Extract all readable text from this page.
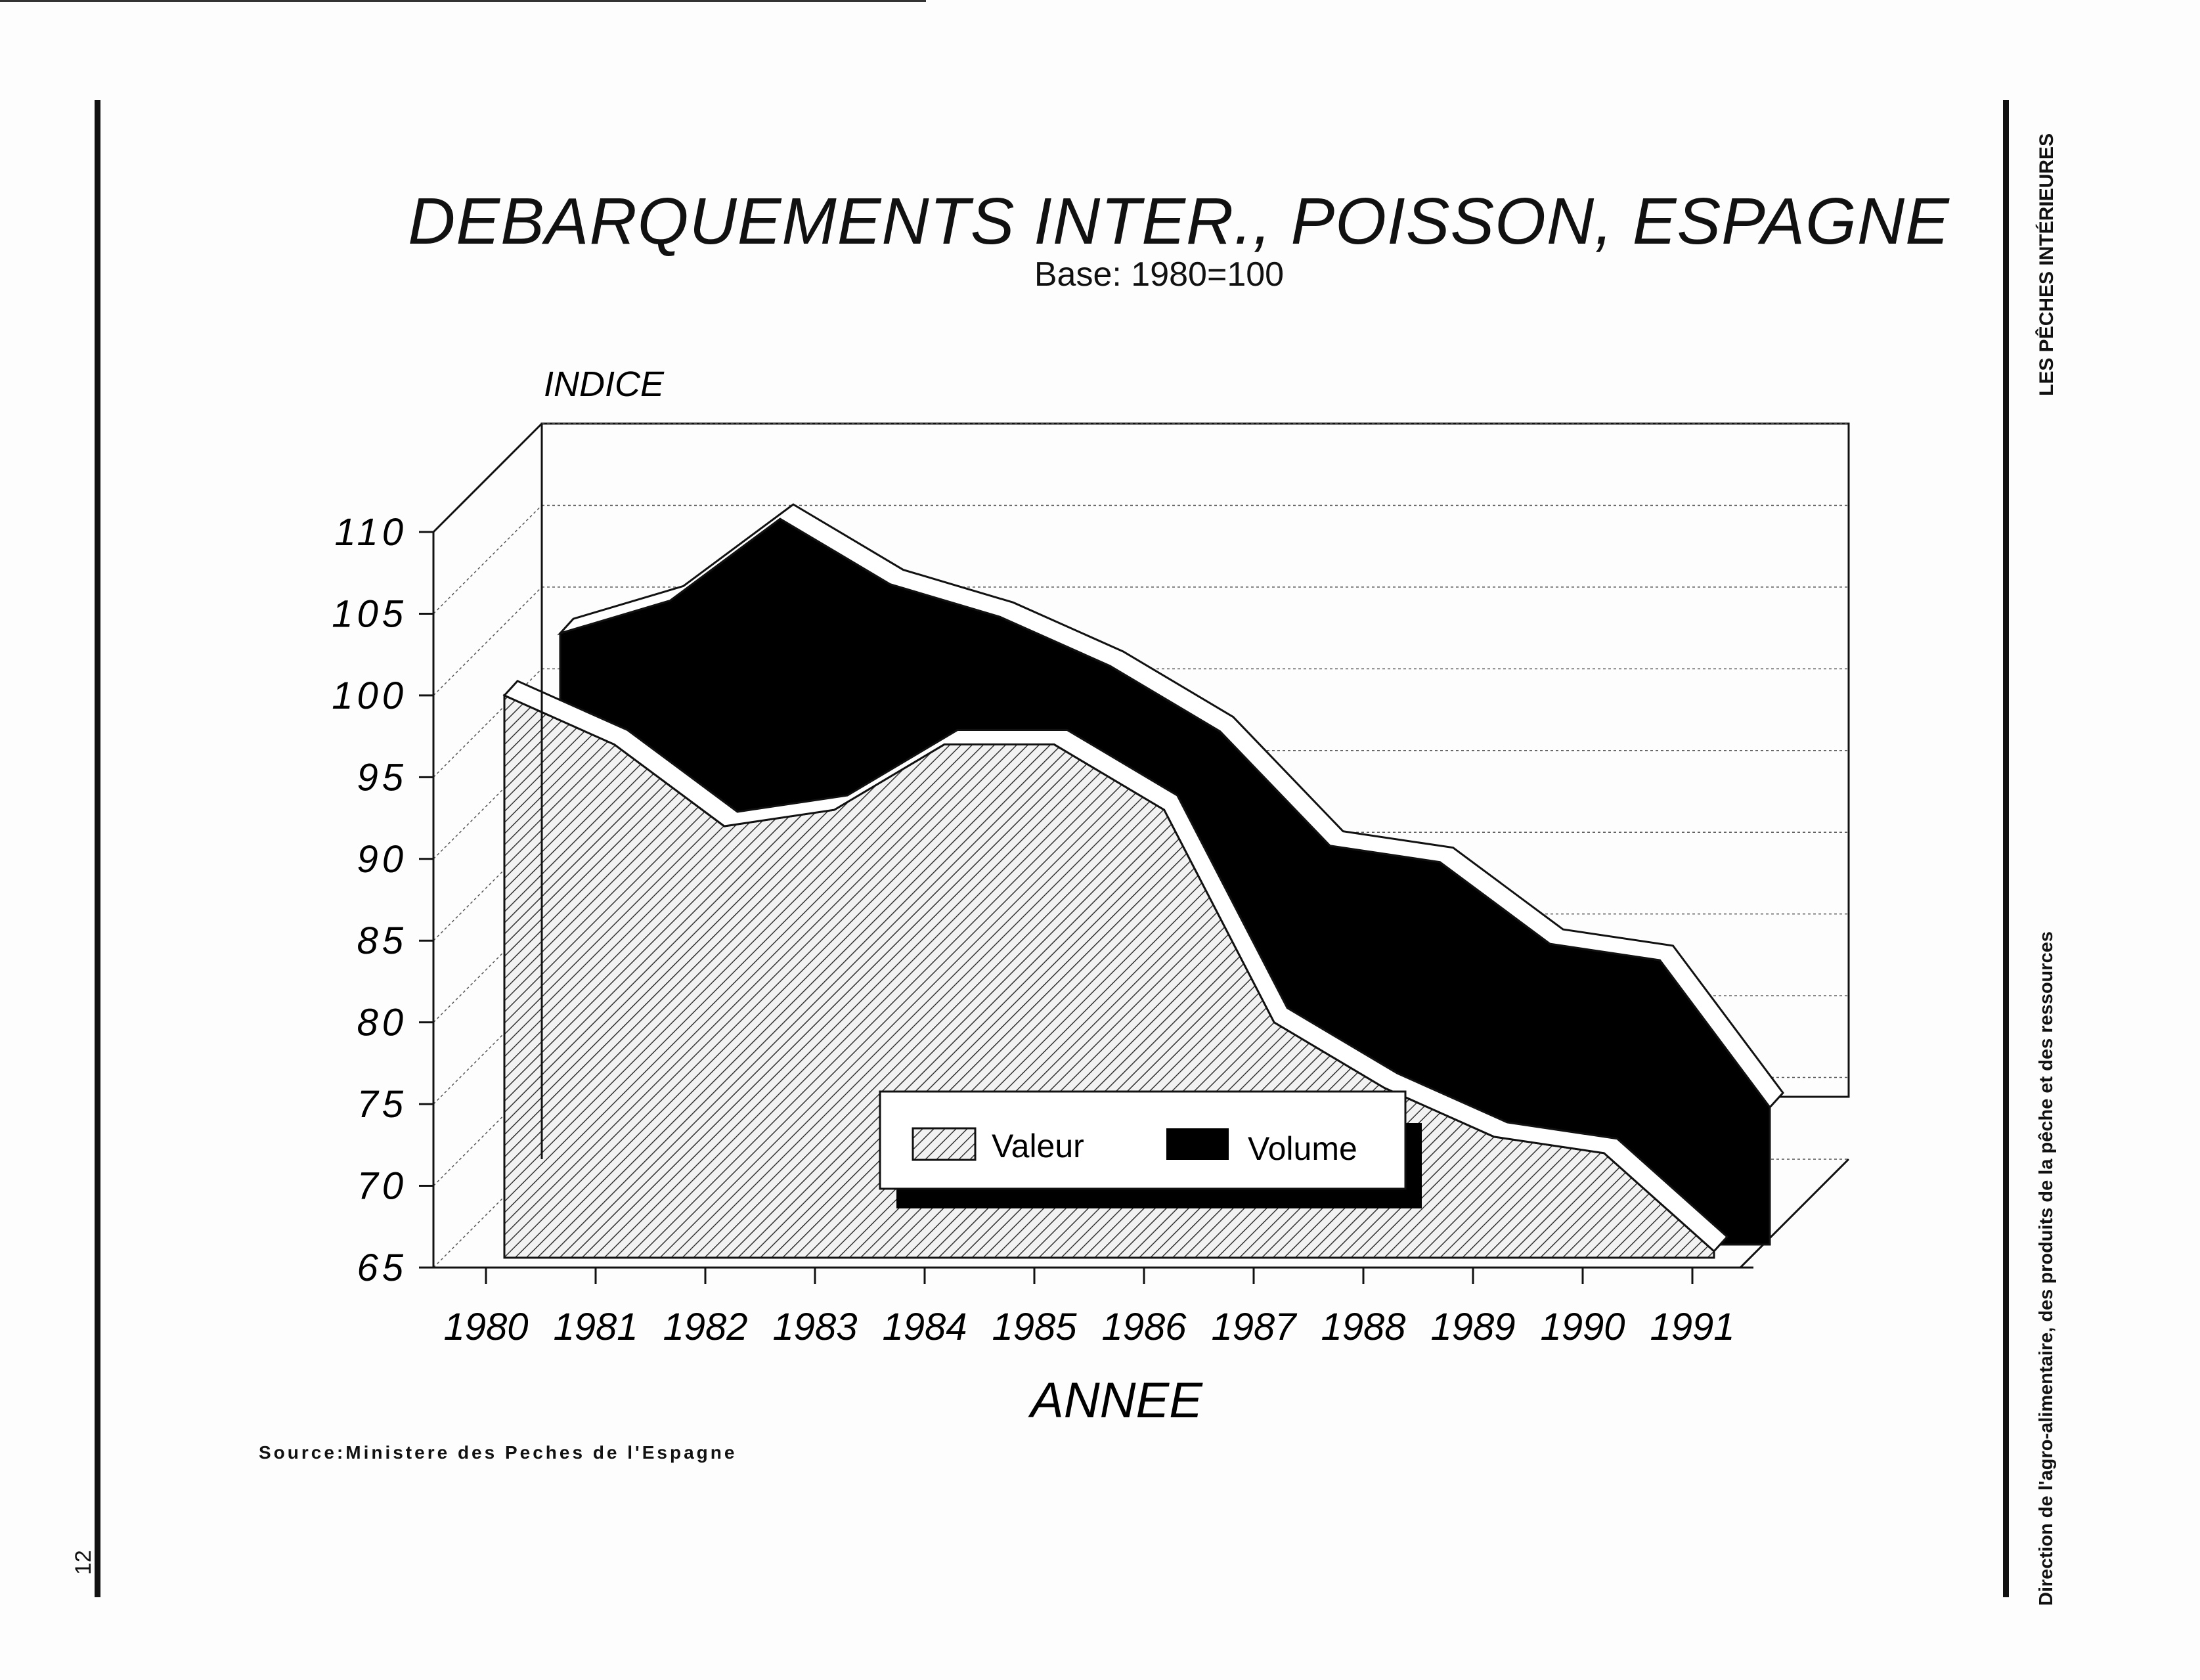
12
LES PÊCHES INTÉRIEURES
Direction de l'agro-alimentaire, des produits de la pêche et des ressources
DEBARQUEMENTS INTER., POISSON, ESPAGNE
Base: 1980=100
65
70
75
80
85
90
95
100
105
110
1980 1981 1982 1983 1984 1985 1986 1987 1988 1989 1990 1991
INDICE
ANNEE
Valeur	Volume
Source:Ministere des Peches de l'Espagne
